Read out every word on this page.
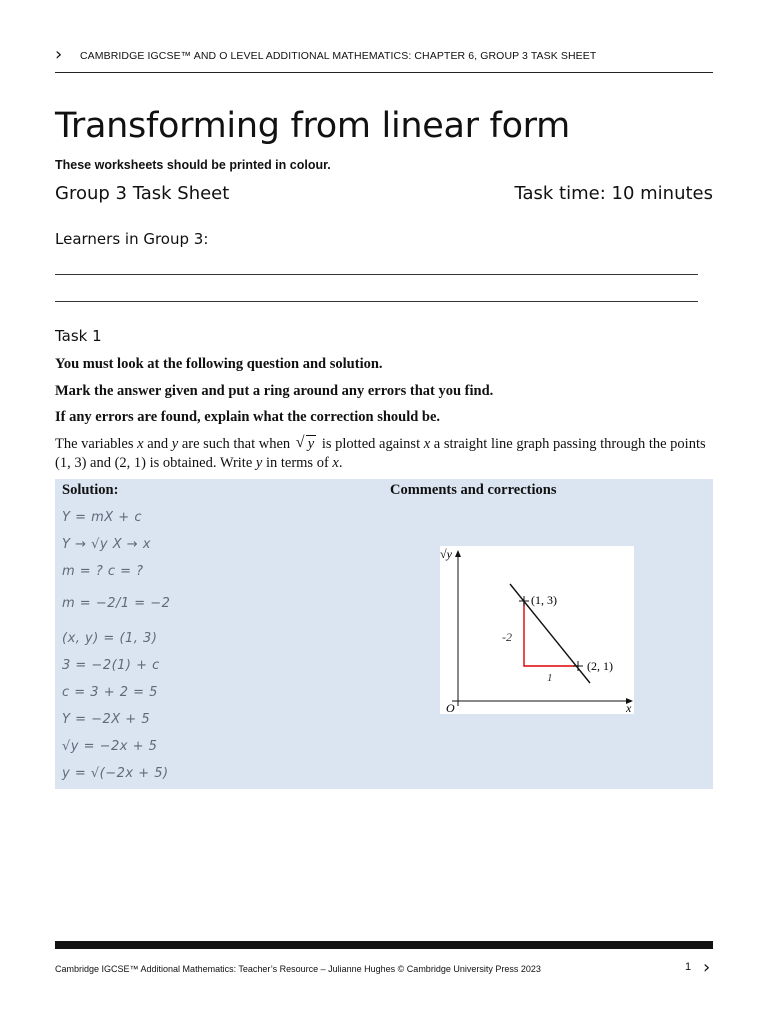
› CAMBRIDGE IGCSE™ AND O LEVEL ADDITIONAL MATHEMATICS: CHAPTER 6, GROUP 3 TASK SHEET
Transforming from linear form
These worksheets should be printed in colour.
Group 3 Task Sheet	Task time: 10 minutes
Learners in Group 3:
Task 1
You must look at the following question and solution.
Mark the answer given and put a ring around any errors that you find.
If any errors are found, explain what the correction should be.
The variables x and y are such that when √ y is plotted against x a straight line graph passing through the points (1, 3) and (2, 1) is obtained. Write y in terms of x.
Solution:	Comments and corrections
Y = mX + c
Y → √y X → x
m = ? c = ?
m = −2/1 = −2
(x, y) = (1, 3)
3 = −2(1) + c
c = 3 + 2 = 5
Y = −2X + 5
√y = −2x + 5
y = √(−2x + 5)
√y
x
O
(1, 3)
(2, 1)
-2
1
Cambridge IGCSE™ Additional Mathematics: Teacher’s Resource – Julianne Hughes © Cambridge University Press 2023	1 ›
